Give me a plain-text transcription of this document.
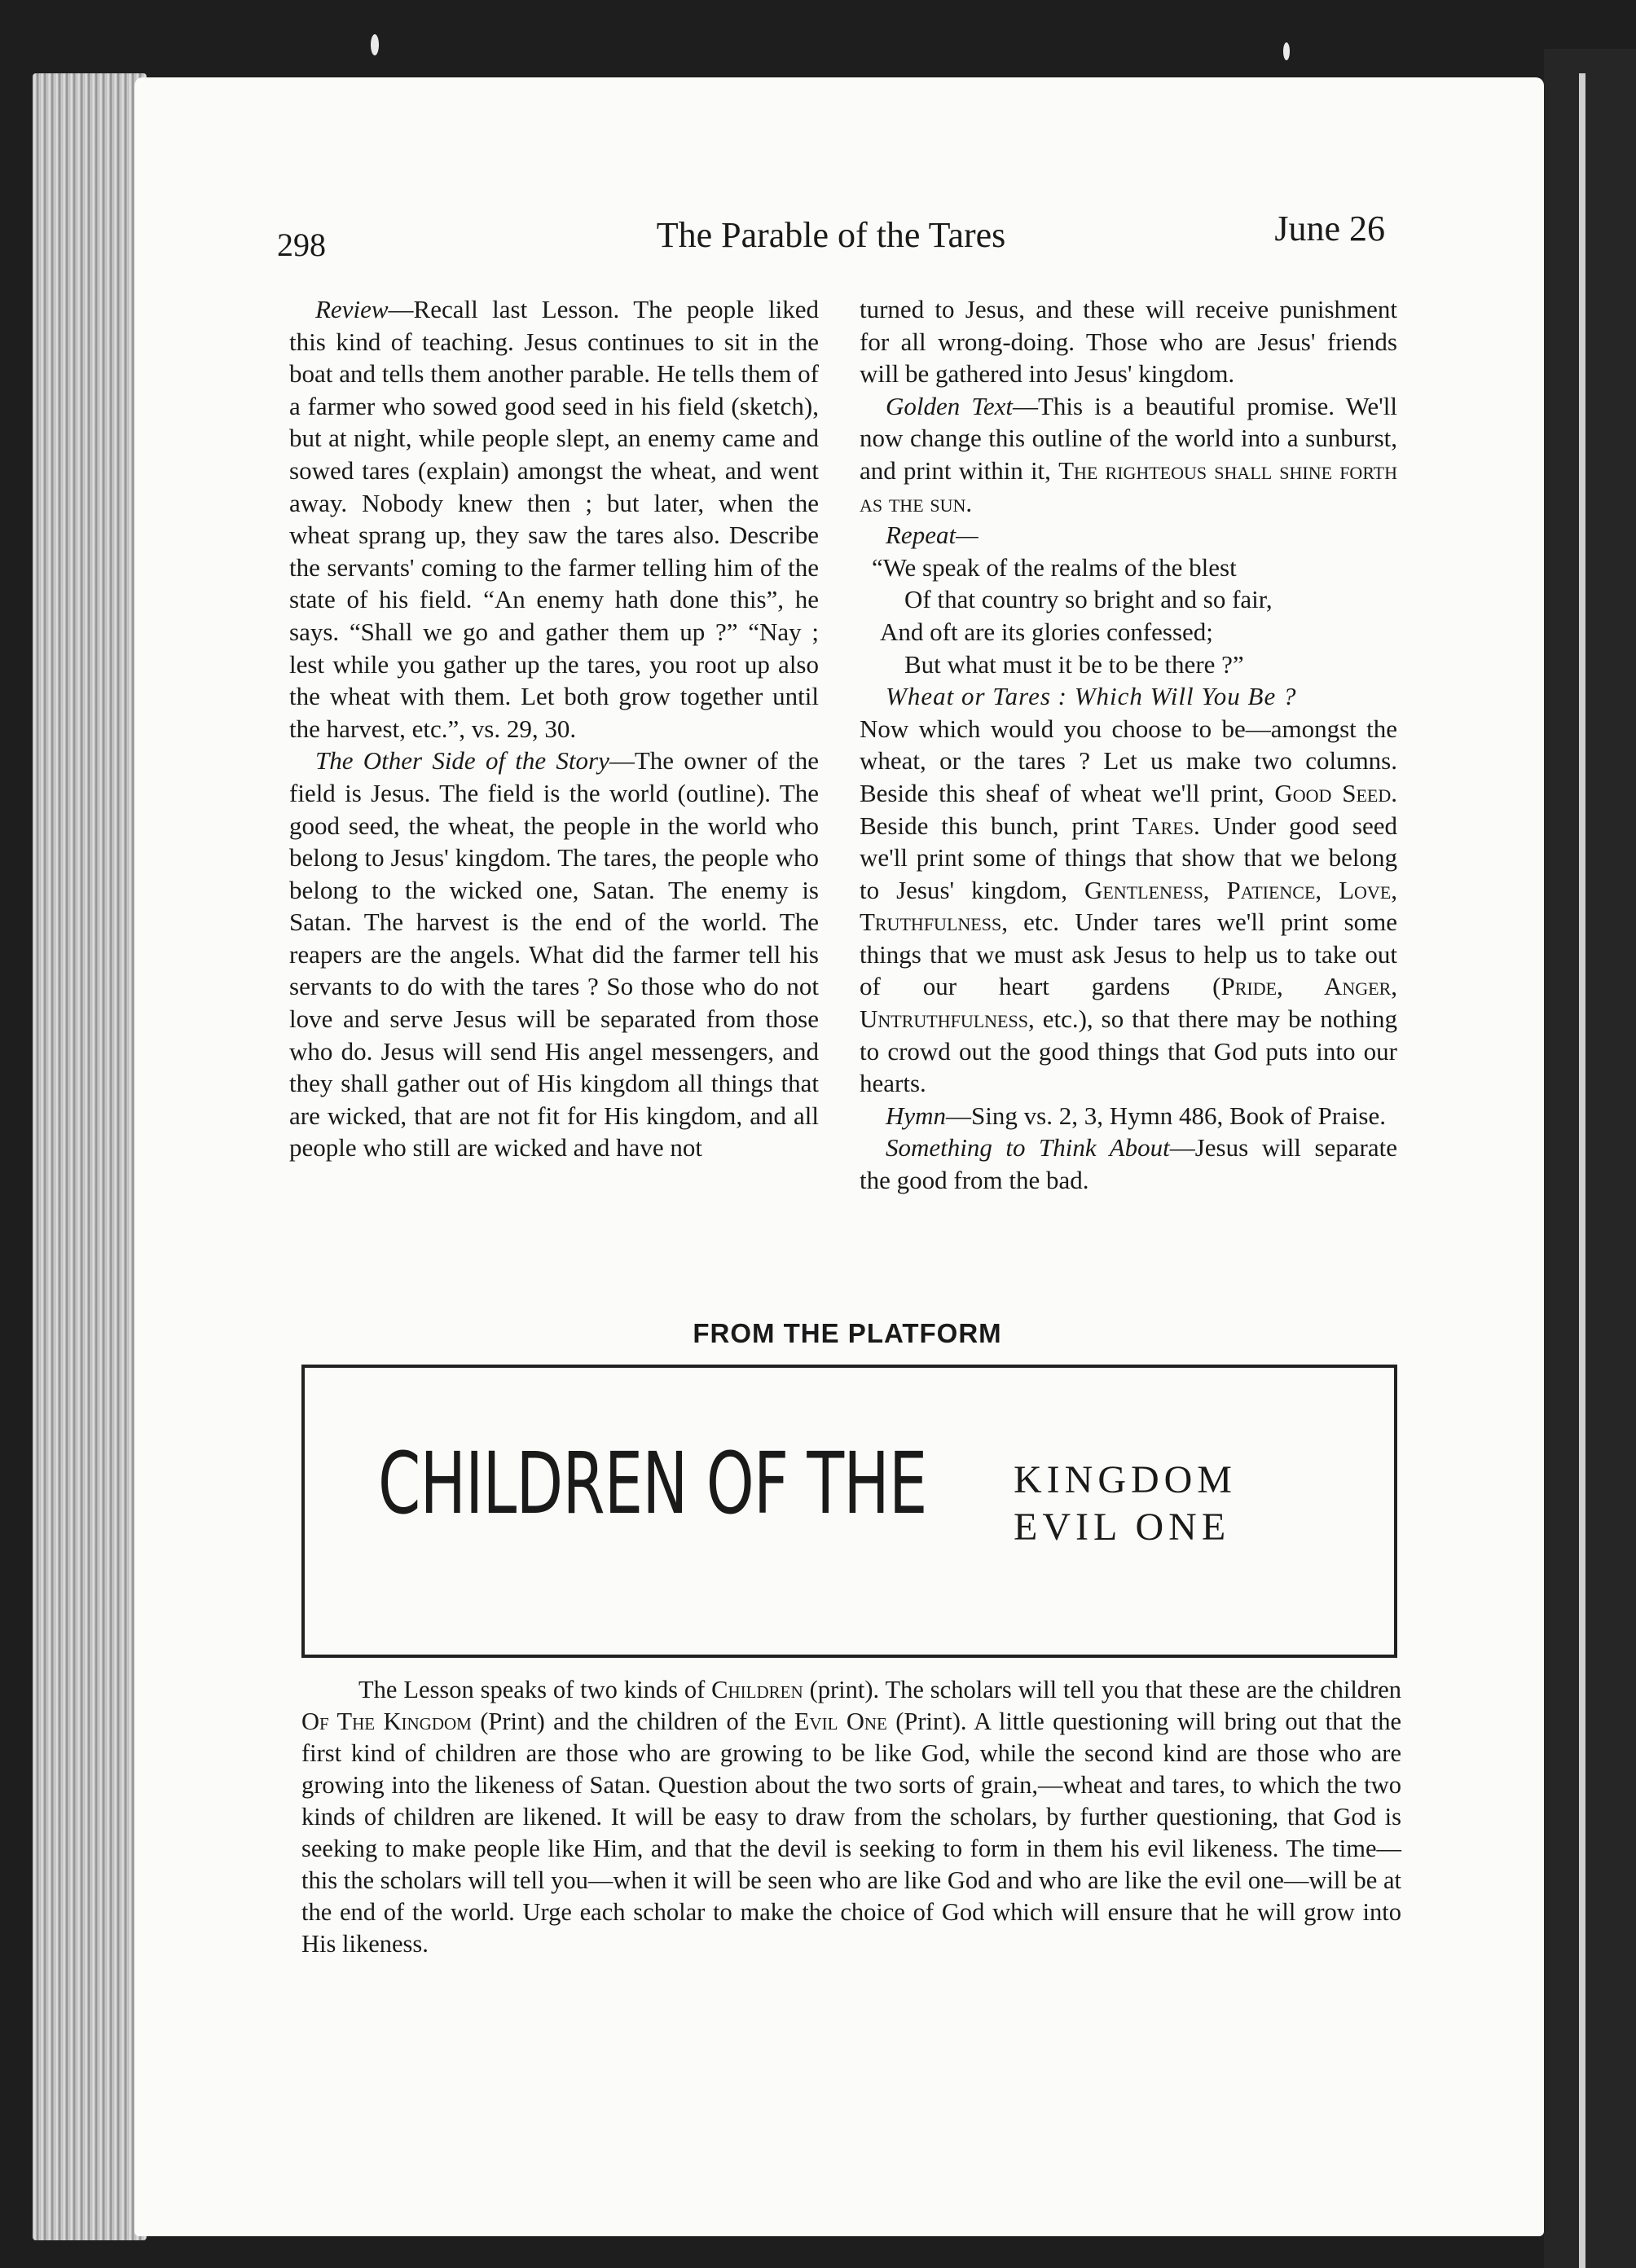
298	The Parable of the Tares	June 26

Review—Recall last Lesson. The people liked this kind of teaching. Jesus continues to sit in the boat and tells them another parable. He tells them of a farmer who sowed good seed in his field (sketch), but at night, while people slept, an enemy came and sowed tares (explain) amongst the wheat, and went away. Nobody knew then ; but later, when the wheat sprang up, they saw the tares also. Describe the servants' coming to the farmer telling him of the state of his field. “An enemy hath done this”, he says. “Shall we go and gather them up ?” “Nay ; lest while you gather up the tares, you root up also the wheat with them. Let both grow together until the harvest, etc.”, vs. 29, 30.

The Other Side of the Story—The owner of the field is Jesus. The field is the world (outline). The good seed, the wheat, the people in the world who belong to Jesus' kingdom. The tares, the people who belong to the wicked one, Satan. The enemy is Satan. The harvest is the end of the world. The reapers are the angels. What did the farmer tell his servants to do with the tares ? So those who do not love and serve Jesus will be separated from those who do. Jesus will send His angel messengers, and they shall gather out of His kingdom all things that are wicked, that are not fit for His kingdom, and all people who still are wicked and have not

turned to Jesus, and these will receive punishment for all wrong-doing. Those who are Jesus' friends will be gathered into Jesus' kingdom.

Golden Text—This is a beautiful promise. We'll now change this outline of the world into a sunburst, and print within it, The righteous shall shine forth as the sun.

Repeat—

“We speak of the realms of the blest
Of that country so bright and so fair,
And oft are its glories confessed;
But what must it be to be there ?”

Wheat or Tares : Which Will You Be ?

Now which would you choose to be—amongst the wheat, or the tares ? Let us make two columns. Beside this sheaf of wheat we'll print, Good Seed. Beside this bunch, print Tares. Under good seed we'll print some of things that show that we belong to Jesus' kingdom, Gentleness, Patience, Love, Truthfulness, etc. Under tares we'll print some things that we must ask Jesus to help us to take out of our heart gardens (Pride, Anger, Untruthfulness, etc.), so that there may be nothing to crowd out the good things that God puts into our hearts.

Hymn—Sing vs. 2, 3, Hymn 486, Book of Praise.

Something to Think About—Jesus will separate the good from the bad.

FROM THE PLATFORM
CHILDREN OF THE KINGDOM
EVIL ONE

The Lesson speaks of two kinds of Children (print). The scholars will tell you that these are the children Of The Kingdom (Print) and the children of the Evil One (Print). A little questioning will bring out that the first kind of children are those who are growing to be like God, while the second kind are those who are growing into the likeness of Satan. Question about the two sorts of grain,—wheat and tares, to which the two kinds of children are likened. It will be easy to draw from the scholars, by further questioning, that God is seeking to make people like Him, and that the devil is seeking to form in them his evil likeness. The time—this the scholars will tell you—when it will be seen who are like God and who are like the evil one—will be at the end of the world. Urge each scholar to make the choice of God which will ensure that he will grow into His likeness.
